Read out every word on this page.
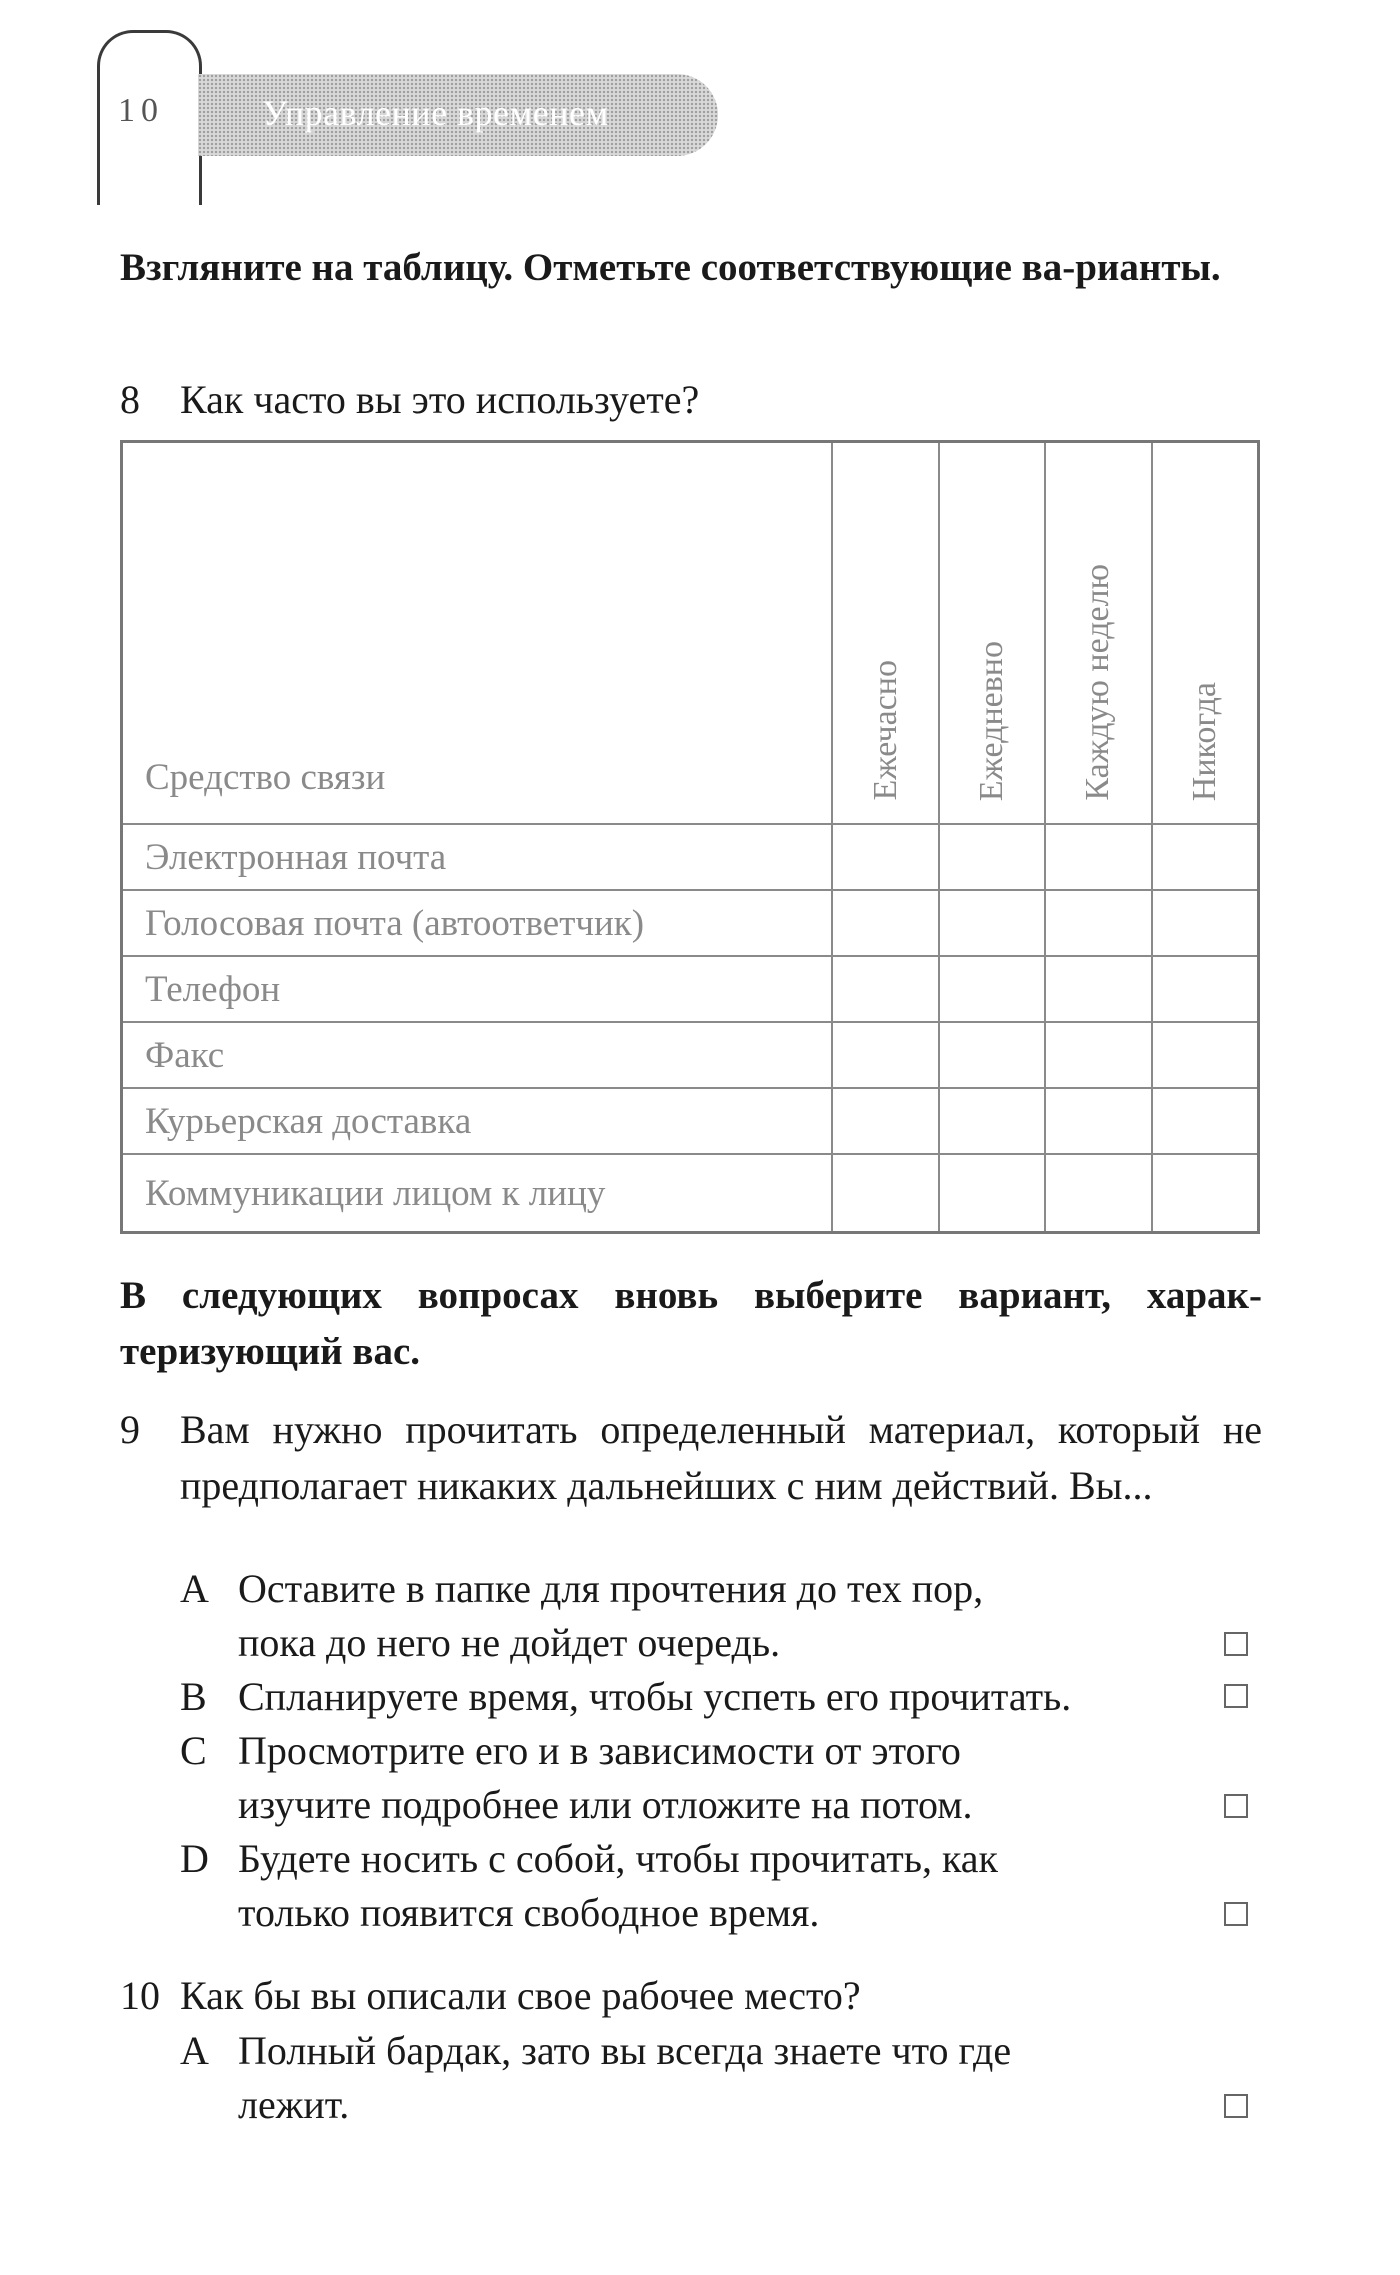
10	Управление временем
Взгляните на таблицу. Отметьте соответствующие ва-рианты.
8 Как часто вы это используете?
Средство связи	Ежечасно	Ежедневно	Каждую неделю	Никогда

Электронная почта				
Голосовая почта (автоответчик)				
Телефон				
Факс				
Курьерская доставка				
Коммуникации лицом к лицу				
В следующих вопросах вновь выберите вариант, харак-теризующий вас.
9 Вам нужно прочитать определенный материал, который не предполагает никаких дальнейших с ним действий. Вы...
A Оставите в папке для прочтения до тех пор,
пока до него не дойдет очередь.
B Спланируете время, чтобы успеть его прочитать.
C Просмотрите его и в зависимости от этого
изучите подробнее или отложите на потом.
D Будете носить с собой, чтобы прочитать, как
только появится свободное время.
10 Как бы вы описали свое рабочее место?
A Полный бардак, зато вы всегда знаете что где
лежит.
